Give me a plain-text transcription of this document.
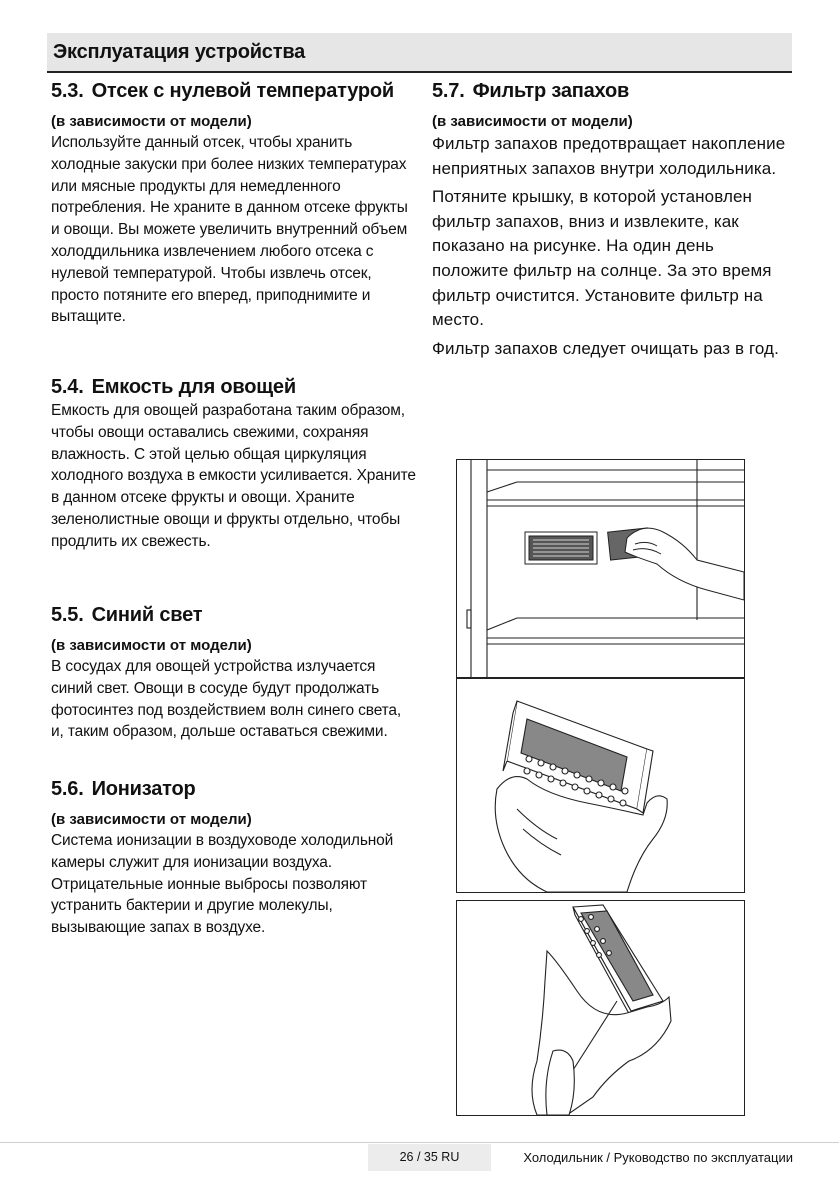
Эксплуатация устройства
5.3. Отсек с нулевой температурой

(в зависимости от модели)

Используйте данный отсек, чтобы хранить холодные закуски при более низких температурах или мясные продукты для немедленного потребления. Не храните в данном отсеке фрукты и овощи. Вы можете увеличить внутренний объем холоддильника извлечением любого отсека с нулевой температурой. Чтобы извлечь отсек, просто потяните его вперед, приподнимите и вытащите.

5.4. Емкость для овощей

Емкость для овощей разработана таким образом, чтобы овощи оставались свежими, сохраняя влажность. С этой целью общая циркуляция холодного воздуха в емкости усиливается. Храните в данном отсеке фрукты и овощи. Храните зеленолистные овощи и фрукты отдельно, чтобы продлить их свежесть.

5.5. Синий свет

(в зависимости от модели)

В сосудах для овощей устройства излучается синий свет. Овощи в сосуде будут продолжать фотосинтез под воздействием волн синего света, и, таким образом, дольше оставаться свежими.

5.6. Ионизатор

(в зависимости от модели)

Система ионизации в воздуховоде холодильной камеры служит для ионизации воздуха. Отрицательные ионные выбросы позволяют устранить бактерии и другие молекулы, вызывающие запах в воздухе.

5.7. Фильтр запахов

(в зависимости от модели)

Фильтр запахов предотвращает накопление неприятных запахов внутри холодильника.

Потяните крышку, в которой установлен фильтр запахов, вниз и извлеките, как показано на рисунке. На один день положите фильтр на солнце. За это время фильтр очистится. Установите фильтр на место.

Фильтр запахов следует очищать раз в год.

26 / 35 RU	Холодильник / Руководство по эксплуатации
